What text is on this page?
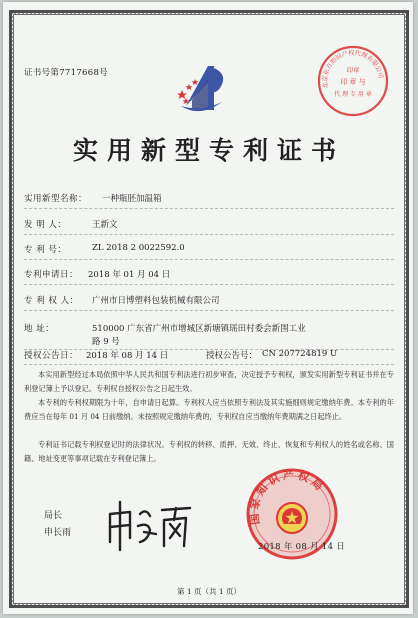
证书号第7717668号
北京东方知识产权代理有限公司
印 章 与
代 理 专 用 章
印章
实用新型专利证书
实用新型名称： 一种瓶胚加温箱
发 明 人：	王新文
专 利 号：	ZL 2018 2 0022592.0
专利申请日： 2018 年 01 月 04 日
专 利 权 人： 广州市日博塑料包装机械有限公司
地 址：	510000 广东省广州市增城区新塘镇瑶田村委会新围工业
路 9 号
授权公告日： 2018 年 08 月 14 日	授权公告号： CN 207724819 U
本实用新型经过本局依照中华人民共和国专利法进行初步审查，决定授予专利权，颁发实用新型专利证书并在专利登记簿上予以登记。专利权自授权公告之日起生效。
本专利的专利权期限为十年，自申请日起算。专利权人应当依照专利法及其实施细则规定缴纳年费。本专利的年费应当在每年 01 月 04 日前缴纳。未按照规定缴纳年费的，专利权自应当缴纳年费期满之日起终止。
专利证书记载专利权登记时的法律状况。专利权的转移、质押、无效、终止、恢复和专利权人的姓名或名称、国籍、地址变更等事项记载在专利登记簿上。
局长
申长雨
国家知识产权局
2018 年 08 月 14 日
第 1 页（共 1 页）
